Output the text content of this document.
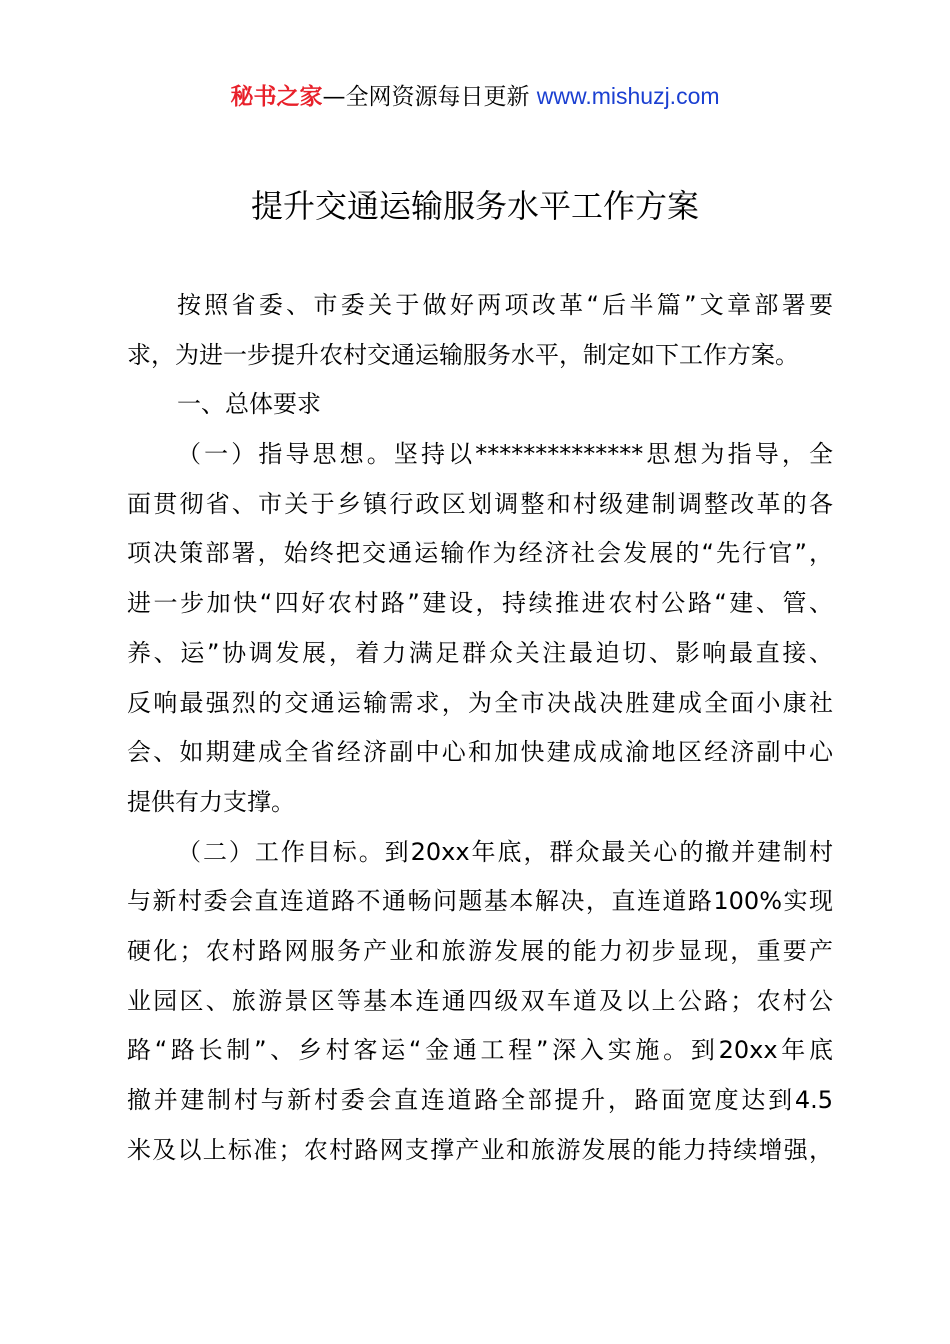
秘书之家—全网资源每日更新 www.mishuzj.com
提升交通运输服务水平工作方案
按照省委、市委关于做好两项改革“后半篇”文章部署要
求，为进一步提升农村交通运输服务水平，制定如下工作方案。
一、总体要求
（一）指导思想。坚持以**************思想为指导，全
面贯彻省、市关于乡镇行政区划调整和村级建制调整改革的各
项决策部署，始终把交通运输作为经济社会发展的“先行官”，
进一步加快“四好农村路”建设，持续推进农村公路“建、管、
养、运”协调发展，着力满足群众关注最迫切、影响最直接、
反响最强烈的交通运输需求，为全市决战决胜建成全面小康社
会、如期建成全省经济副中心和加快建成成渝地区经济副中心
提供有力支撑。
（二）工作目标。到20xx年底，群众最关心的撤并建制村
与新村委会直连道路不通畅问题基本解决，直连道路100%实现
硬化；农村路网服务产业和旅游发展的能力初步显现，重要产
业园区、旅游景区等基本连通四级双车道及以上公路；农村公
路“路长制”、乡村客运“金通工程”深入实施。到20xx年底
撤并建制村与新村委会直连道路全部提升，路面宽度达到4.5
米及以上标准；农村路网支撑产业和旅游发展的能力持续增强，
